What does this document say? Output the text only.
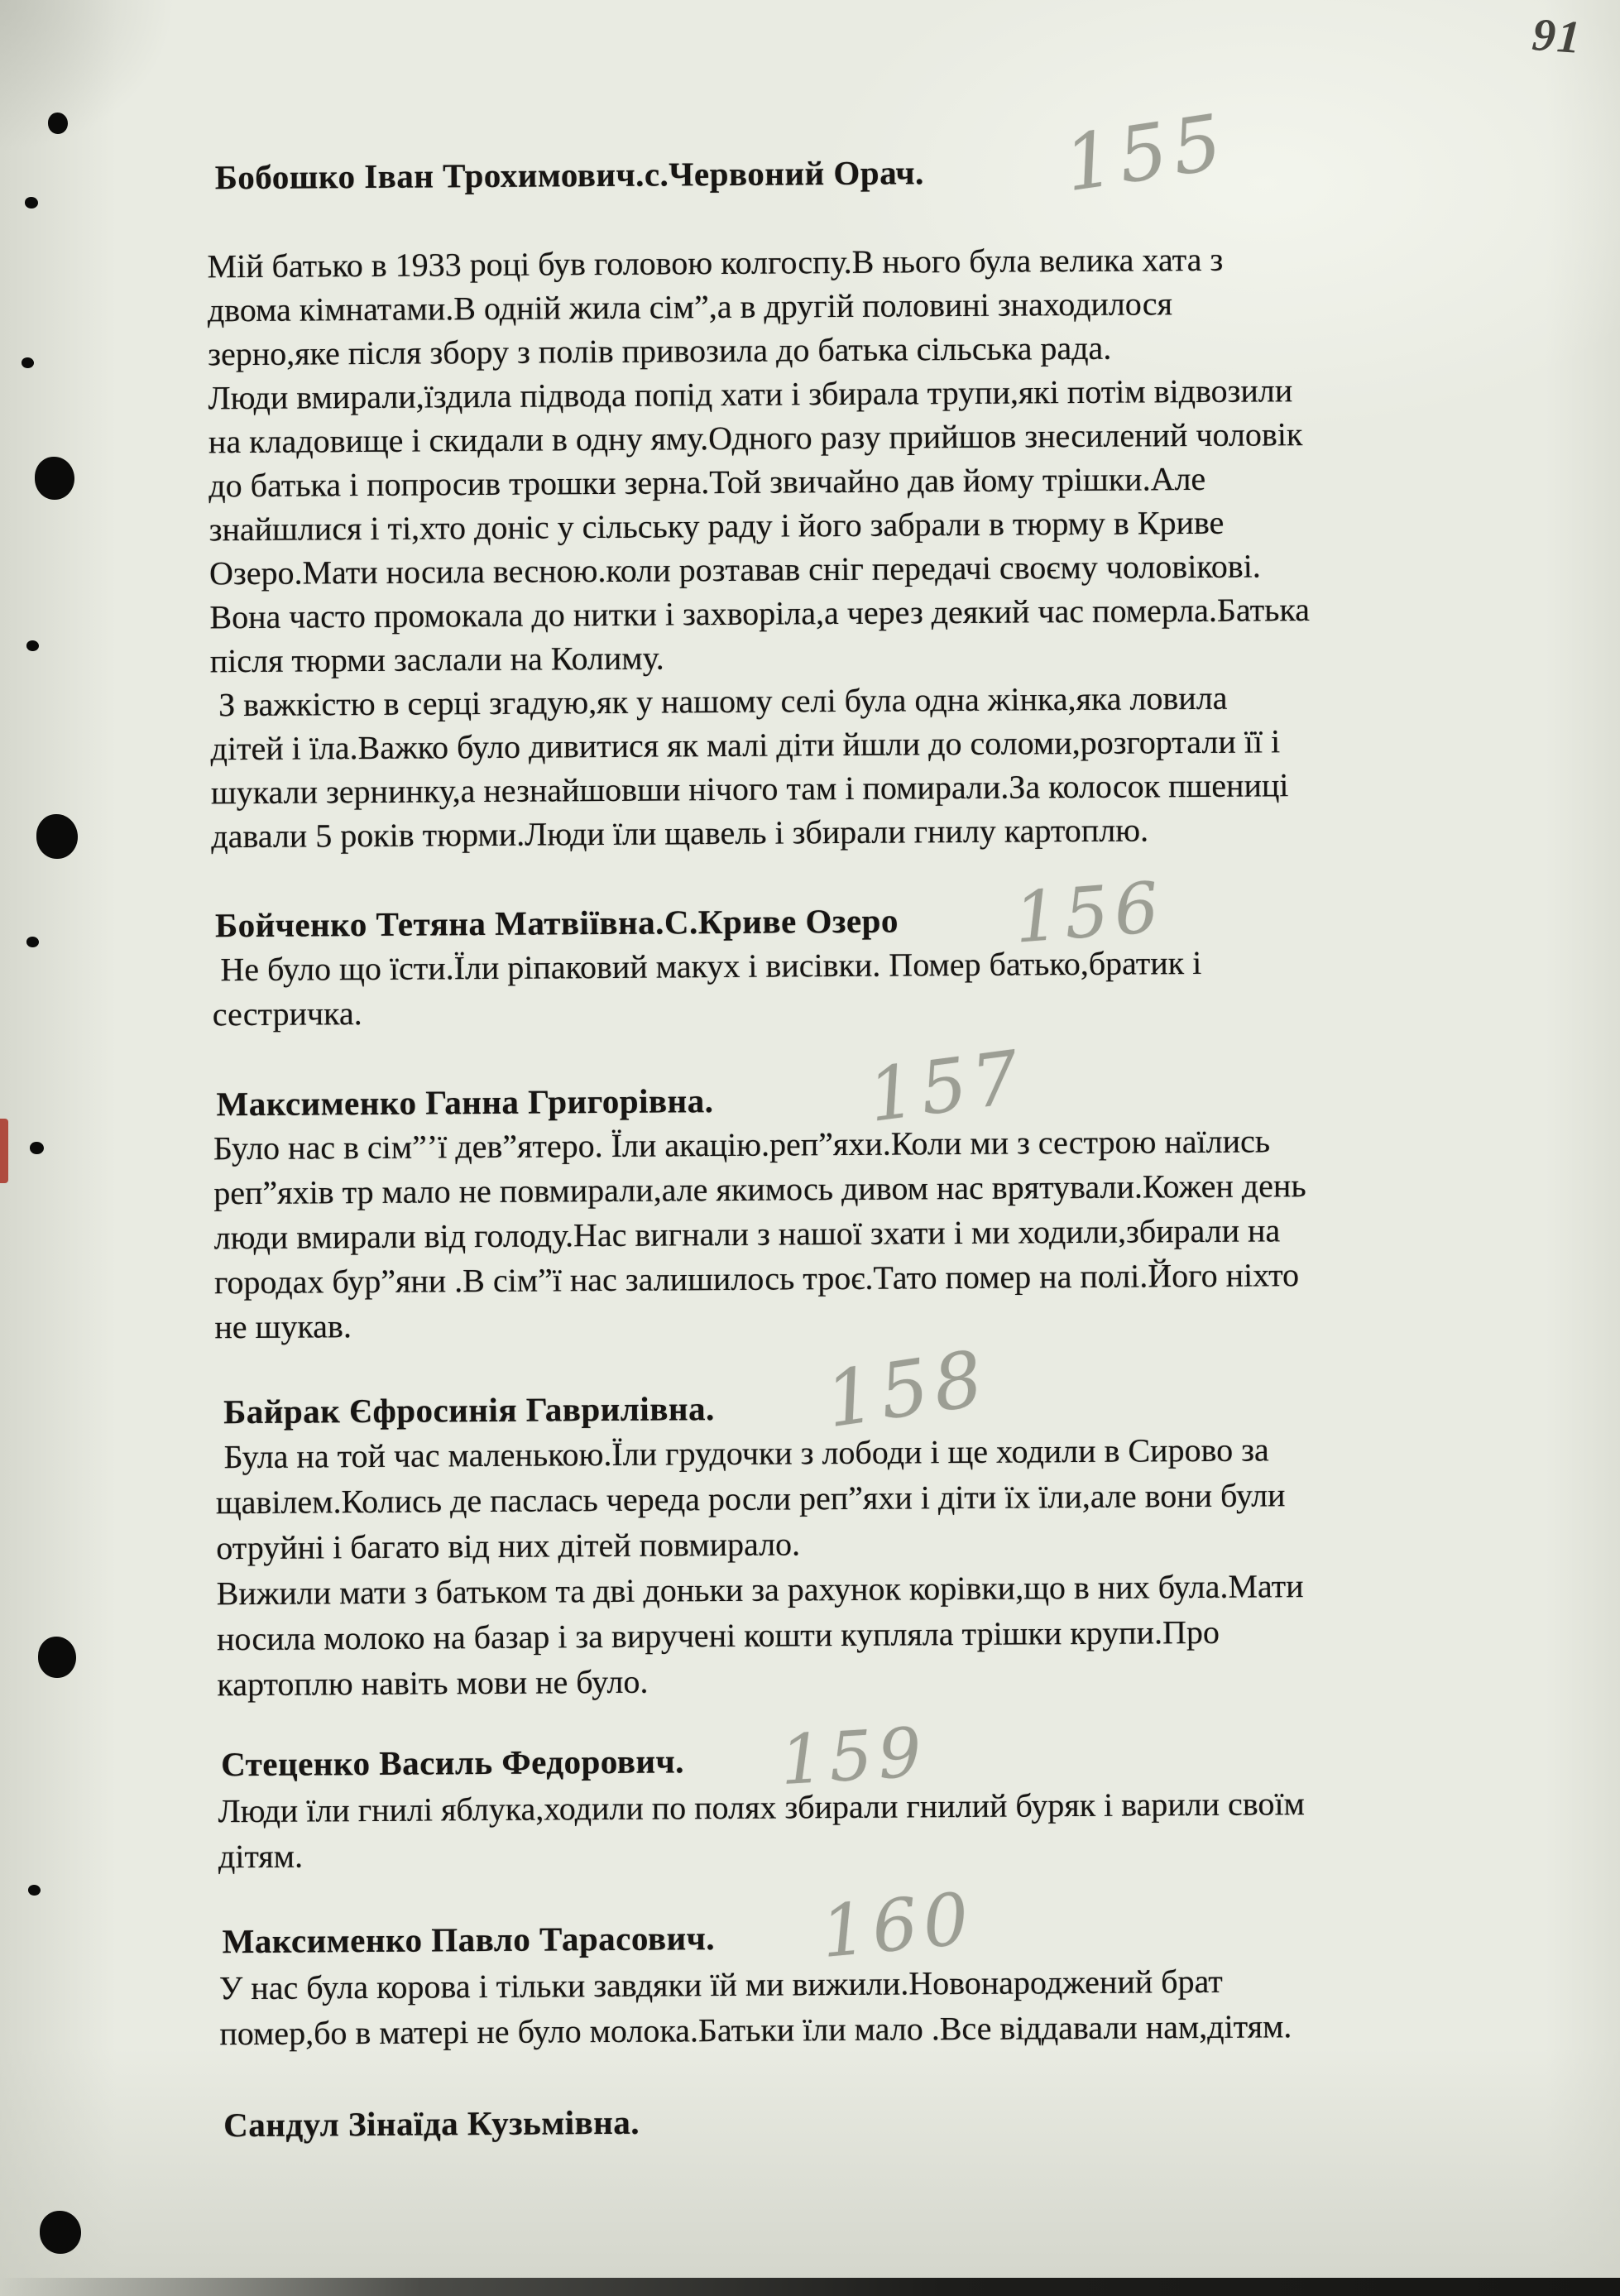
91
Бобошко Іван Трохимович.с.Червоний Орач. 155
Мій батько в 1933 році був головою колгоспу.В нього була велика хата з
двома кімнатами.В одній жила сім”,а в другій половині знаходилося
зерно,яке після збору з полів привозила до батька сільська рада.
Люди вмирали,їздила підвода попід хати і збирала трупи,які потім відвозили
на кладовище і скидали в одну яму.Одного разу прийшов знесилений чоловік
до батька і попросив трошки зерна.Той звичайно дав йому трішки.Але
знайшлися і ті,хто доніс у сільську раду і його забрали в тюрму в Криве
Озеро.Мати носила весною.коли розтавав сніг передачі своєму чоловікові.
Вона часто промокала до нитки і захворіла,а через деякий час померла.Батька
після тюрми заслали на Колиму.
З важкістю в серці згадую,як у нашому селі була одна жінка,яка ловила
дітей і їла.Важко було дивитися як малі діти йшли до соломи,розгортали її і
шукали зернинку,а незнайшовши нічого там і помирали.За колосок пшениці
давали 5 років тюрми.Люди їли щавель і збирали гнилу картоплю.
Бойченко Тетяна Матвіївна.С.Криве Озеро 156
Не було що їсти.Їли ріпаковий макух і висівки. Помер батько,братик і
сестричка.
Максименко Ганна Григорівна. 157
Було нас в сім”’ї дев”ятеро. Їли акацію.реп”яхи.Коли ми з сестрою наїлись
реп”яхів тр мало не повмирали,але якимось дивом нас врятували.Кожен день
люди вмирали від голоду.Нас вигнали з нашої зхати і ми ходили,збирали на
городах бур”яни .В сім”ї нас залишилось троє.Тато помер на полі.Його ніхто
не шукав.
Байрак Єфросинія Гаврилівна. 158
Була на той час маленькою.Їли грудочки з лободи і ще ходили в Сирово за
щавілем.Колись де паслась череда росли реп”яхи і діти їх їли,але вони були
отруйні і багато від них дітей повмирало.
Вижили мати з батьком та дві доньки за рахунок корівки,що в них була.Мати
носила молоко на базар і за виручені кошти купляла трішки крупи.Про
картоплю навіть мови не було.
Стеценко Василь Федорович. 159
Люди їли гнилі яблука,ходили по полях збирали гнилий буряк і варили своїм
дітям.
Максименко Павло Тарасович. 160
У нас була корова і тільки завдяки їй ми вижили.Новонароджений брат
помер,бо в матері не було молока.Батьки їли мало .Все віддавали нам,дітям.
Сандул Зінаїда Кузьмівна.
